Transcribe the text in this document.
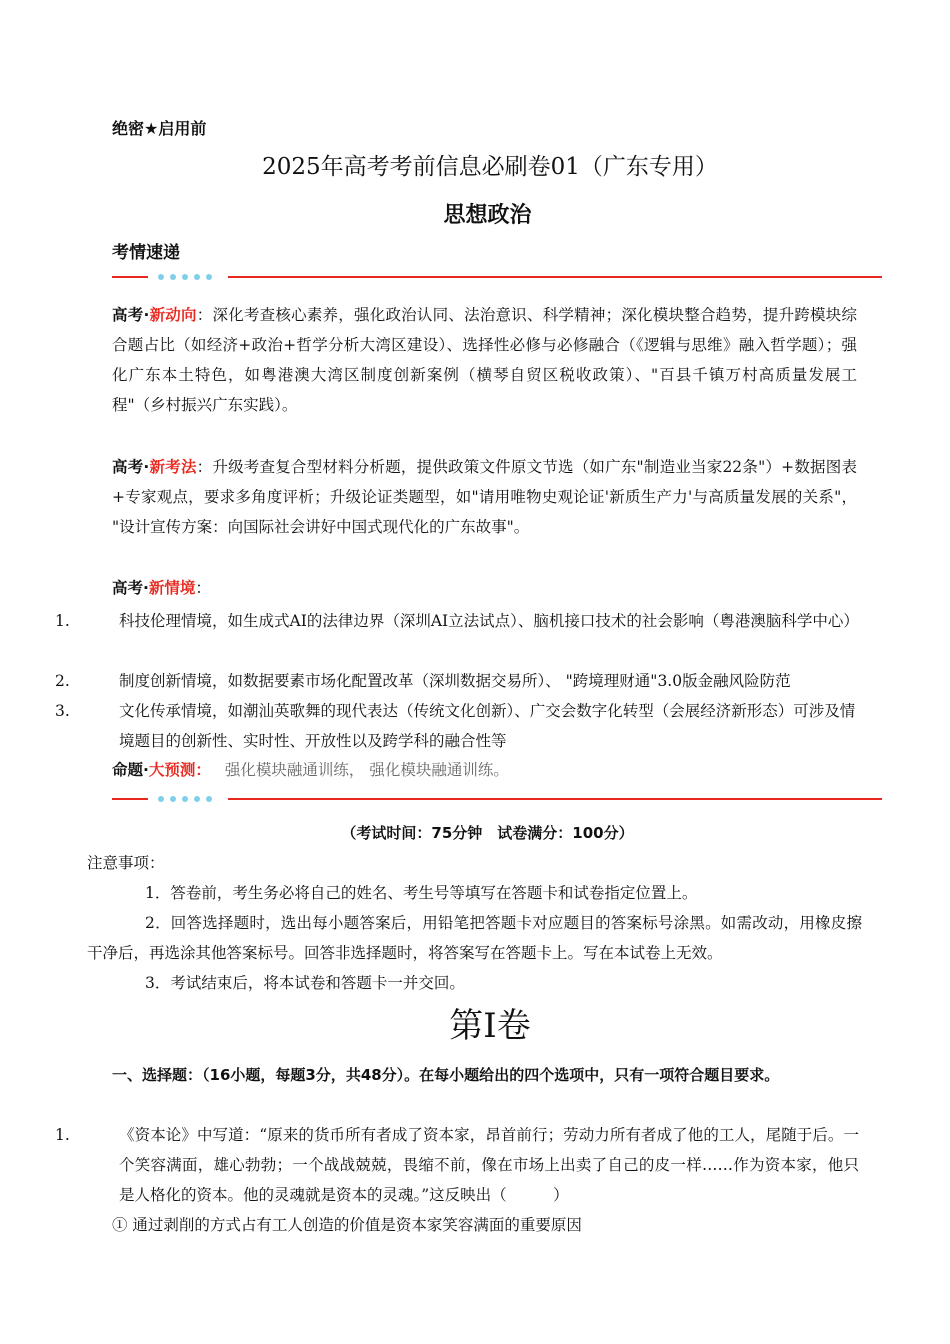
绝密★启用前
2025年高考考前信息必刷卷01（广东专用）
思想政治
考情速递
高考·新动向：深化考查核心素养，强化政治认同、法治意识、科学精神；深化模块整合趋势，提升跨模块综合题占比（如经济+政治+哲学分析大湾区建设）、选择性必修与必修融合（《逻辑与思维》融入哲学题）；强化广东本土特色，如粤港澳大湾区制度创新案例（横琴自贸区税收政策）、"百县千镇万村高质量发展工程"（乡村振兴广东实践）。
高考·新考法：升级考查复合型材料分析题，提供政策文件原文节选（如广东"制造业当家22条"）+数据图表+专家观点，要求多角度评析；升级论证类题型，如"请用唯物史观论证'新质生产力'与高质量发展的关系"， "设计宣传方案：向国际社会讲好中国式现代化的广东故事"。
高考·新情境：
1.	科技伦理情境，如生成式AI的法律边界（深圳AI立法试点）、脑机接口技术的社会影响（粤港澳脑科学中心）
2.	制度创新情境，如数据要素市场化配置改革（深圳数据交易所）、 "跨境理财通"3.0版金融风险防范
3.	文化传承情境，如潮汕英歌舞的现代表达（传统文化创新）、广交会数字化转型（会展经济新形态）可涉及情境题目的创新性、实时性、开放性以及跨学科的融合性等
命题·大预测： 强化模块融通训练， 强化模块融通训练。
（考试时间：75分钟　试卷满分：100分）
注意事项：
1．答卷前，考生务必将自己的姓名、考生号等填写在答题卡和试卷指定位置上。
2．回答选择题时，选出每小题答案后，用铅笔把答题卡对应题目的答案标号涂黑。如需改动，用橡皮擦干净后，再选涂其他答案标号。回答非选择题时，将答案写在答题卡上。写在本试卷上无效。
3．考试结束后，将本试卷和答题卡一并交回。
第I卷
一、选择题：（16小题，每题3分，共48分）。在每小题给出的四个选项中，只有一项符合题目要求。
1.	《资本论》中写道：“原来的货币所有者成了资本家，昂首前行；劳动力所有者成了他的工人，尾随于后。一个笑容满面，雄心勃勃；一个战战兢兢，畏缩不前，像在市场上出卖了自己的皮一样……作为资本家，他只是人格化的资本。他的灵魂就是资本的灵魂。”这反映出（　　　）
① 通过剥削的方式占有工人创造的价值是资本家笑容满面的重要原因
